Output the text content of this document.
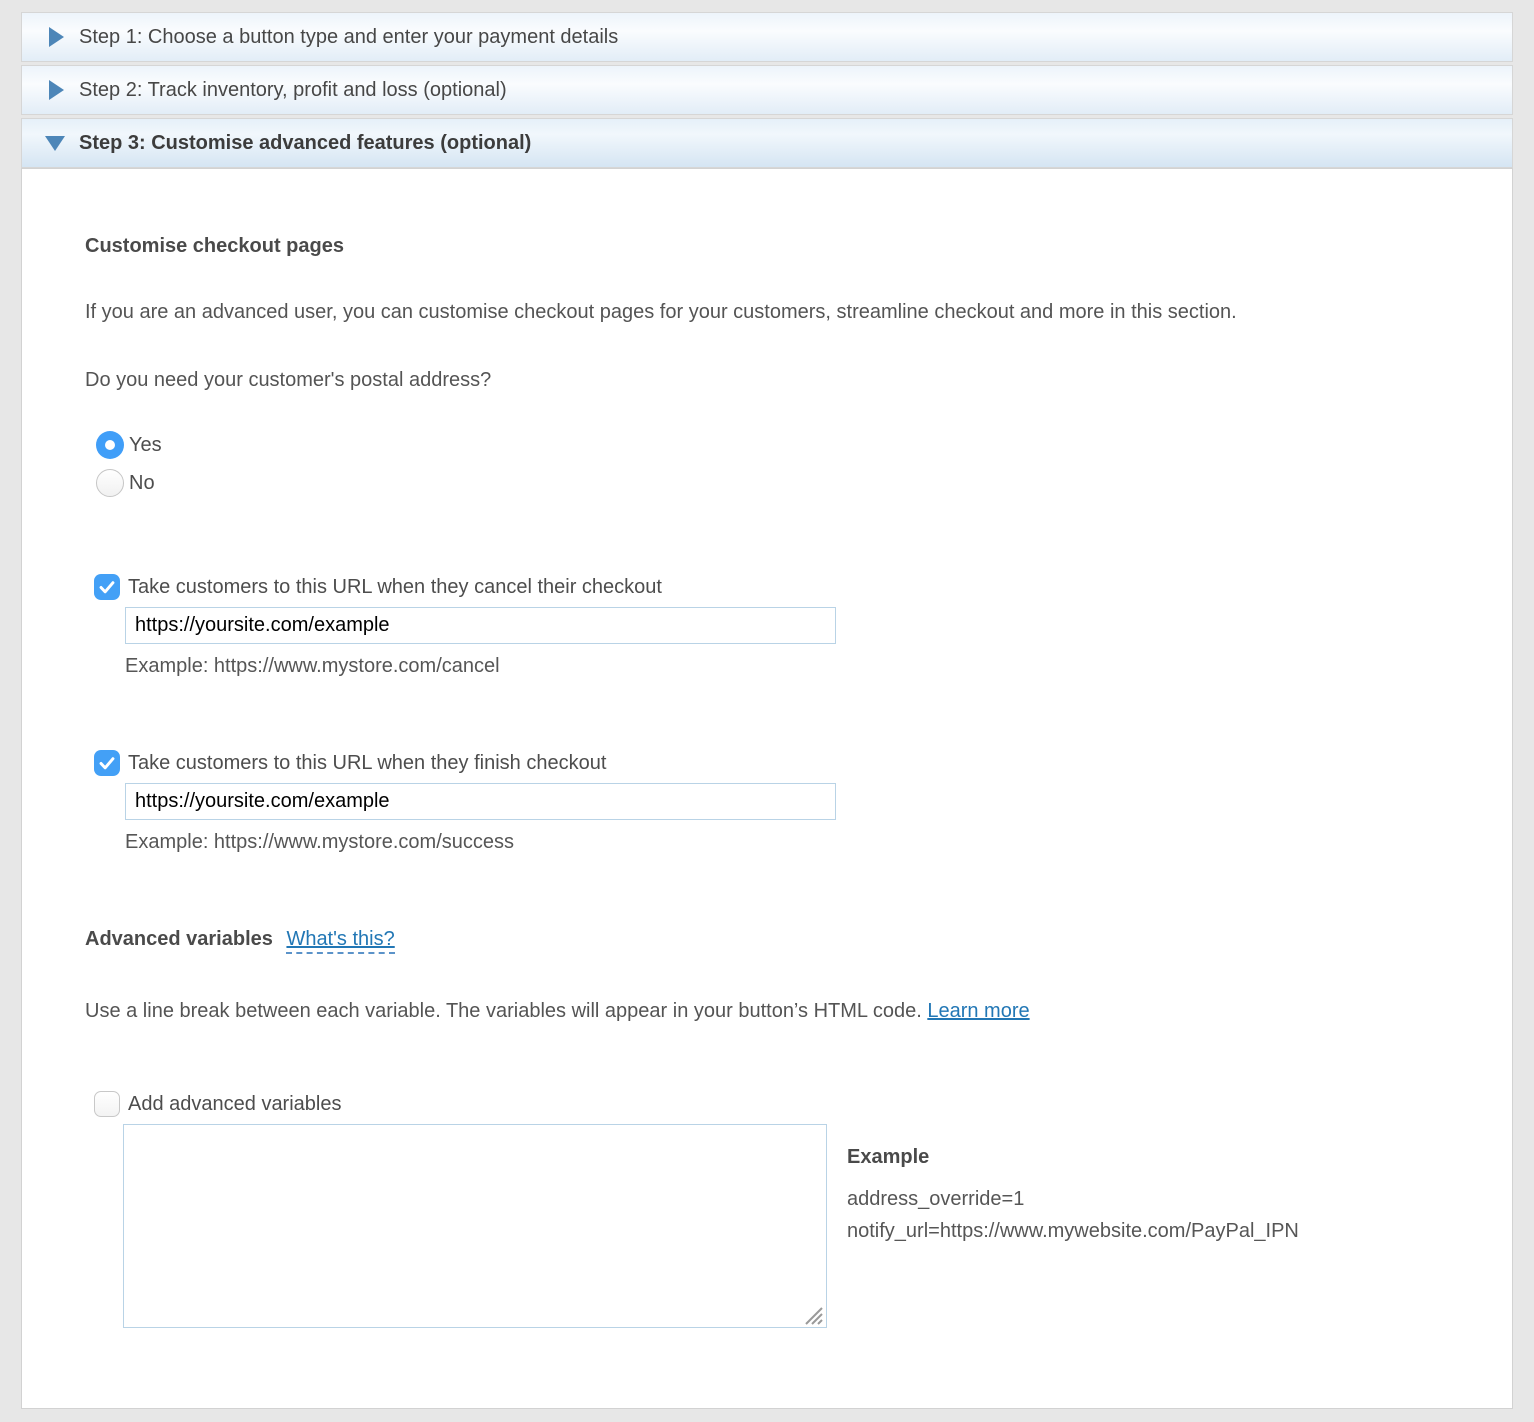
Step 1: Choose a button type and enter your payment details
Step 2: Track inventory, profit and loss (optional)
Step 3: Customise advanced features (optional)
Customise checkout pages

If you are an advanced user, you can customise checkout pages for your customers, streamline checkout and more in this section.

Do you need your customer's postal address?

Yes
No
Take customers to this URL when they cancel their checkout
https://yoursite.com/example
Example: https://www.mystore.com/cancel
Take customers to this URL when they finish checkout
https://yoursite.com/example
Example: https://www.mystore.com/success
Advanced variables What's this?

Use a line break between each variable. The variables will appear in your button’s HTML code. Learn more

Add advanced variables
Example
address_override=1
notify_url=https://www.mywebsite.com/PayPal_IPN
